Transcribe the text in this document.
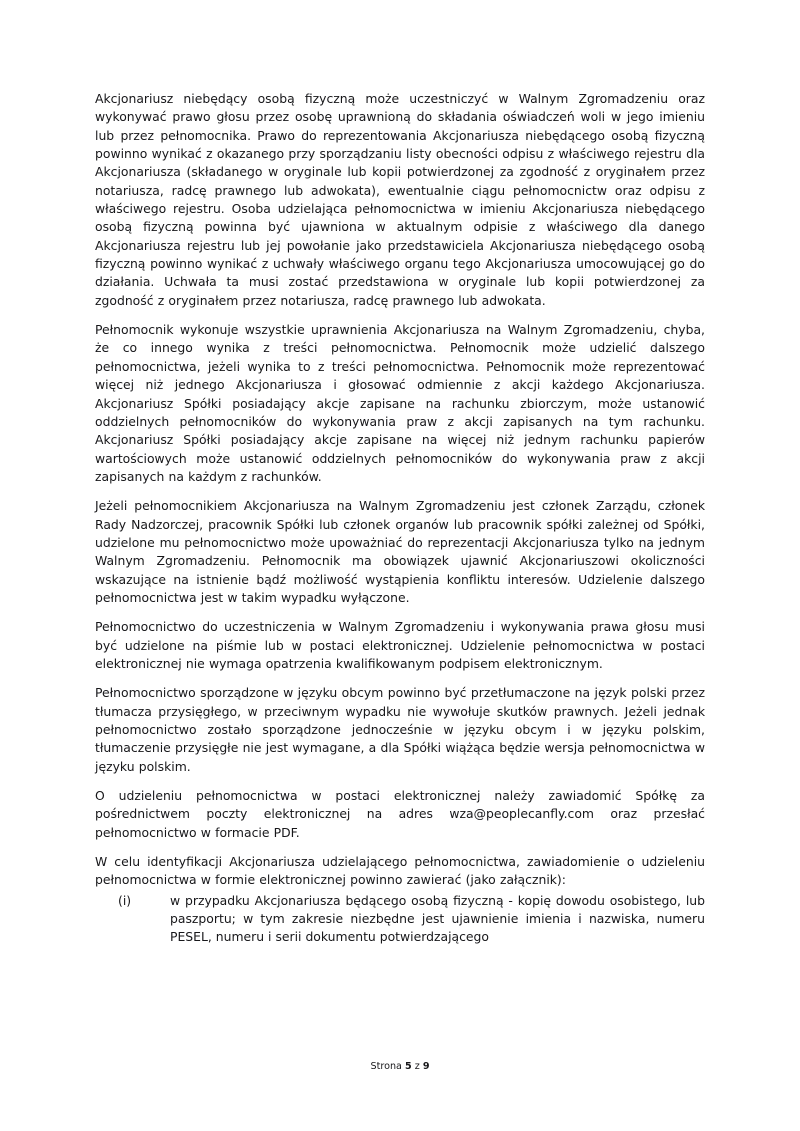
Akcjonariusz niebędący osobą fizyczną może uczestniczyć w Walnym Zgromadzeniu oraz wykonywać prawo głosu przez osobę uprawnioną do składania oświadczeń woli w jego imieniu lub przez pełnomocnika. Prawo do reprezentowania Akcjonariusza niebędącego osobą fizyczną powinno wynikać z okazanego przy sporządzaniu listy obecności odpisu z właściwego rejestru dla Akcjonariusza (składanego w oryginale lub kopii potwierdzonej za zgodność z oryginałem przez notariusza, radcę prawnego lub adwokata), ewentualnie ciągu pełnomocnictw oraz odpisu z właściwego rejestru. Osoba udzielająca pełnomocnictwa w imieniu Akcjonariusza niebędącego osobą fizyczną powinna być ujawniona w aktualnym odpisie z właściwego dla danego Akcjonariusza rejestru lub jej powołanie jako przedstawiciela Akcjonariusza niebędącego osobą fizyczną powinno wynikać z uchwały właściwego organu tego Akcjonariusza umocowującej go do działania. Uchwała ta musi zostać przedstawiona w oryginale lub kopii potwierdzonej za zgodność z oryginałem przez notariusza, radcę prawnego lub adwokata.

Pełnomocnik wykonuje wszystkie uprawnienia Akcjonariusza na Walnym Zgromadzeniu, chyba, że co innego wynika z treści pełnomocnictwa. Pełnomocnik może udzielić dalszego pełnomocnictwa, jeżeli wynika to z treści pełnomocnictwa. Pełnomocnik może reprezentować więcej niż jednego Akcjonariusza i głosować odmiennie z akcji każdego Akcjonariusza. Akcjonariusz Spółki posiadający akcje zapisane na rachunku zbiorczym, może ustanowić oddzielnych pełnomocników do wykonywania praw z akcji zapisanych na tym rachunku. Akcjonariusz Spółki posiadający akcje zapisane na więcej niż jednym rachunku papierów wartościowych może ustanowić oddzielnych pełnomocników do wykonywania praw z akcji zapisanych na każdym z rachunków.

Jeżeli pełnomocnikiem Akcjonariusza na Walnym Zgromadzeniu jest członek Zarządu, członek Rady Nadzorczej, pracownik Spółki lub członek organów lub pracownik spółki zależnej od Spółki, udzielone mu pełnomocnictwo może upoważniać do reprezentacji Akcjonariusza tylko na jednym Walnym Zgromadzeniu. Pełnomocnik ma obowiązek ujawnić Akcjonariuszowi okoliczności wskazujące na istnienie bądź możliwość wystąpienia konfliktu interesów. Udzielenie dalszego pełnomocnictwa jest w takim wypadku wyłączone.

Pełnomocnictwo do uczestniczenia w Walnym Zgromadzeniu i wykonywania prawa głosu musi być udzielone na piśmie lub w postaci elektronicznej. Udzielenie pełnomocnictwa w postaci elektronicznej nie wymaga opatrzenia kwalifikowanym podpisem elektronicznym.

Pełnomocnictwo sporządzone w języku obcym powinno być przetłumaczone na język polski przez tłumacza przysięgłego, w przeciwnym wypadku nie wywołuje skutków prawnych. Jeżeli jednak pełnomocnictwo zostało sporządzone jednocześnie w języku obcym i w języku polskim, tłumaczenie przysięgłe nie jest wymagane, a dla Spółki wiążąca będzie wersja pełnomocnictwa w języku polskim.

O udzieleniu pełnomocnictwa w postaci elektronicznej należy zawiadomić Spółkę za pośrednictwem poczty elektronicznej na adres wza@peoplecanfly.com oraz przesłać pełnomocnictwo w formacie PDF.

W celu identyfikacji Akcjonariusza udzielającego pełnomocnictwa, zawiadomienie o udzieleniu pełnomocnictwa w formie elektronicznej powinno zawierać (jako załącznik):

(i)	w przypadku Akcjonariusza będącego osobą fizyczną - kopię dowodu osobistego, lub paszportu; w tym zakresie niezbędne jest ujawnienie imienia i nazwiska, numeru PESEL, numeru i serii dokumentu potwierdzającego
Strona 5 z 9
